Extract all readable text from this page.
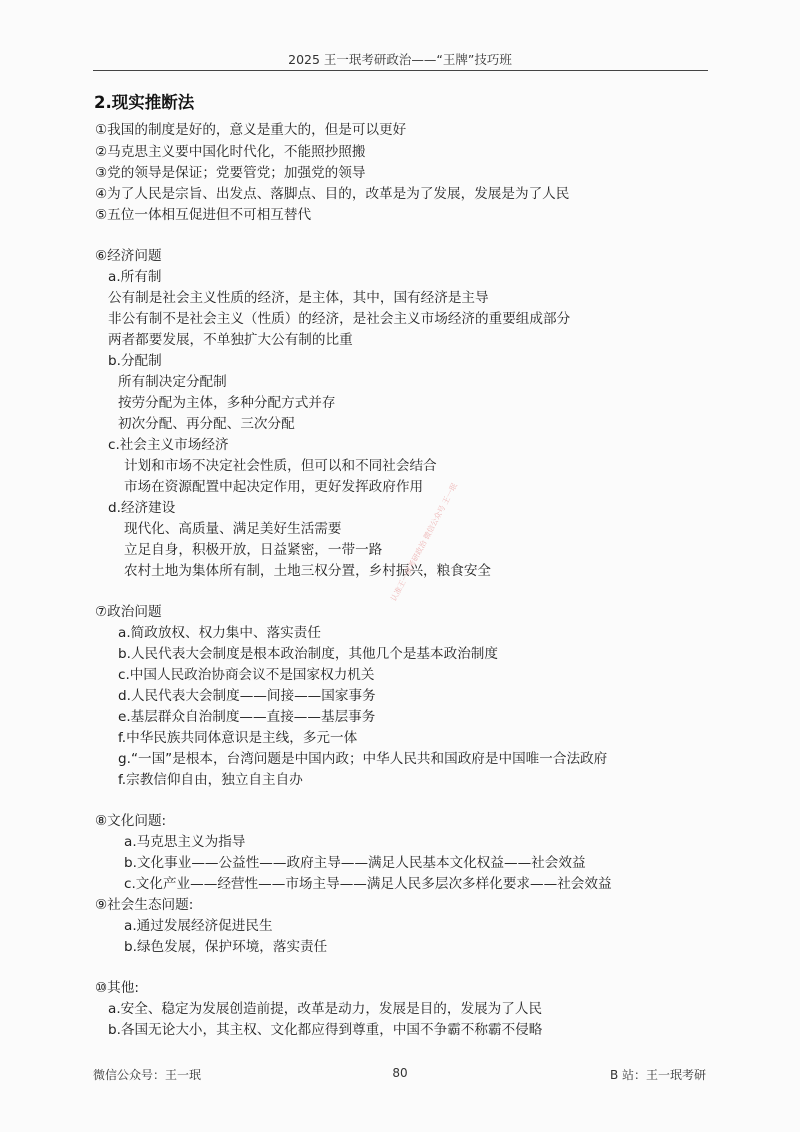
2025 王一珉考研政治——“王牌”技巧班
2.现实推断法
①我国的制度是好的，意义是重大的，但是可以更好
②马克思主义要中国化时代化，不能照抄照搬
③党的领导是保证；党要管党；加强党的领导
④为了人民是宗旨、出发点、落脚点、目的，改革是为了发展，发展是为了人民
⑤五位一体相互促进但不可相互替代
⑥经济问题
a.所有制
公有制是社会主义性质的经济，是主体，其中，国有经济是主导
非公有制不是社会主义（性质）的经济，是社会主义市场经济的重要组成部分
两者都要发展，不单独扩大公有制的比重
b.分配制
所有制决定分配制
按劳分配为主体，多种分配方式并存
初次分配、再分配、三次分配
c.社会主义市场经济
计划和市场不决定社会性质，但可以和不同社会结合
市场在资源配置中起决定作用，更好发挥政府作用
d.经济建设
现代化、高质量、满足美好生活需要
立足自身，积极开放，日益紧密，一带一路
农村土地为集体所有制，土地三权分置，乡村振兴，粮食安全
⑦政治问题
a.简政放权、权力集中、落实责任
b.人民代表大会制度是根本政治制度，其他几个是基本政治制度
c.中国人民政治协商会议不是国家权力机关
d.人民代表大会制度——间接——国家事务
e.基层群众自治制度——直接——基层事务
f.中华民族共同体意识是主线，多元一体
g.“一国”是根本，台湾问题是中国内政；中华人民共和国政府是中国唯一合法政府
f.宗教信仰自由，独立自主自办
⑧文化问题:
a.马克思主义为指导
b.文化事业——公益性——政府主导——满足人民基本文化权益——社会效益
c.文化产业——经营性——市场主导——满足人民多层次多样化要求——社会效益
⑨社会生态问题:
a.通过发展经济促进民生
b.绿色发展，保护环境，落实责任
⑩其他:
a.安全、稳定为发展创造前提，改革是动力，发展是目的，发展为了人民
b.各国无论大小，其主权、文化都应得到尊重，中国不争霸不称霸不侵略
认准王一珉考研政治 微信公众号 王一珉
微信公众号：王一珉	80	B 站：王一珉考研
